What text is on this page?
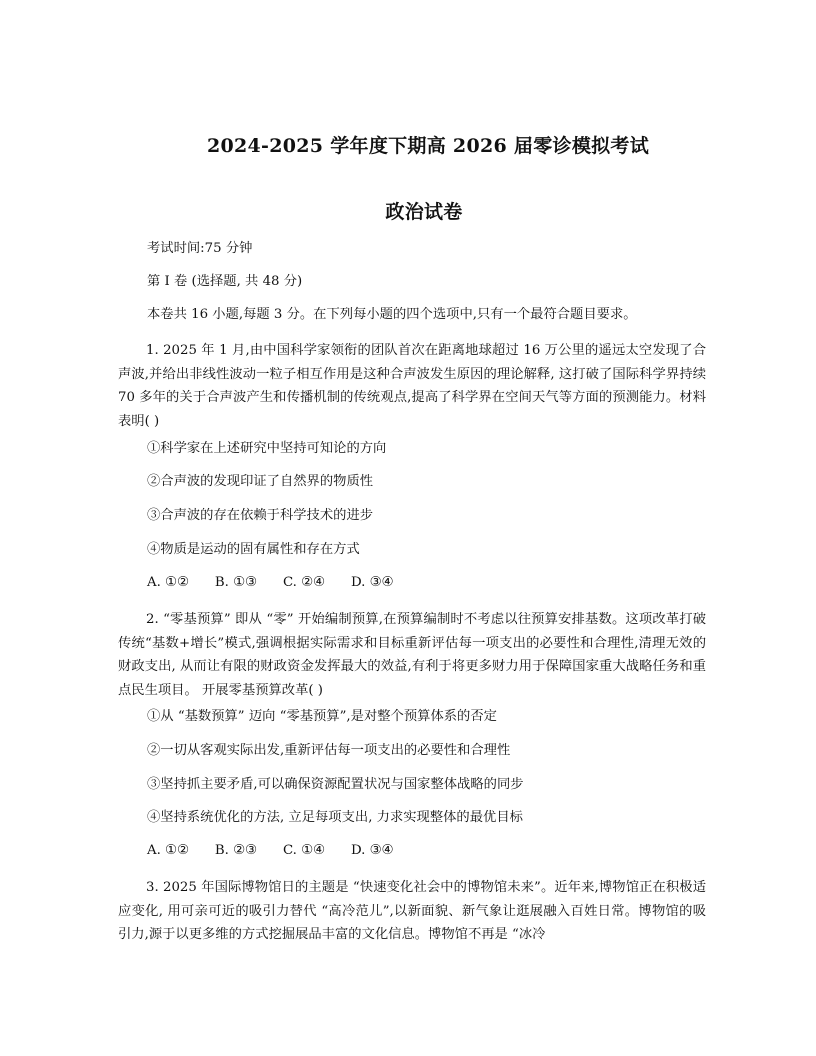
2024-2025 学年度下期高 2026 届零诊模拟考试
政治试卷
考试时间:75 分钟
第 I 卷 (选择题, 共 48 分)
本卷共 16 小题,每题 3 分。在下列每小题的四个选项中,只有一个最符合题目要求。
1. 2025 年 1 月,由中国科学家领衔的团队首次在距离地球超过 16 万公里的遥远太空发现了合声波,并给出非线性波动一粒子相互作用是这种合声波发生原因的理论解释, 这打破了国际科学界持续 70 多年的关于合声波产生和传播机制的传统观点,提高了科学界在空间天气等方面的预测能力。材料表明( )
①科学家在上述研究中坚持可知论的方向
②合声波的发现印证了自然界的物质性
③合声波的存在依赖于科学技术的进步
④物质是运动的固有属性和存在方式
A. ①② B. ①③ C. ②④ D. ③④
2. “零基预算” 即从 “零” 开始编制预算,在预算编制时不考虑以往预算安排基数。这项改革打破传统“基数+增长”模式,强调根据实际需求和目标重新评估每一项支出的必要性和合理性,清理无效的财政支出, 从而让有限的财政资金发挥最大的效益,有利于将更多财力用于保障国家重大战略任务和重点民生项目。 开展零基预算改革( )
①从 “基数预算” 迈向 “零基预算”,是对整个预算体系的否定
②一切从客观实际出发,重新评估每一项支出的必要性和合理性
③坚持抓主要矛盾,可以确保资源配置状况与国家整体战略的同步
④坚持系统优化的方法, 立足每项支出, 力求实现整体的最优目标
A. ①② B. ②③ C. ①④ D. ③④
3. 2025 年国际博物馆日的主题是 “快速变化社会中的博物馆未来”。近年来,博物馆正在积极适应变化, 用可亲可近的吸引力替代 “高冷范儿”,以新面貌、新气象让逛展融入百姓日常。博物馆的吸引力,源于以更多维的方式挖掘展品丰富的文化信息。博物馆不再是 “冰冷
